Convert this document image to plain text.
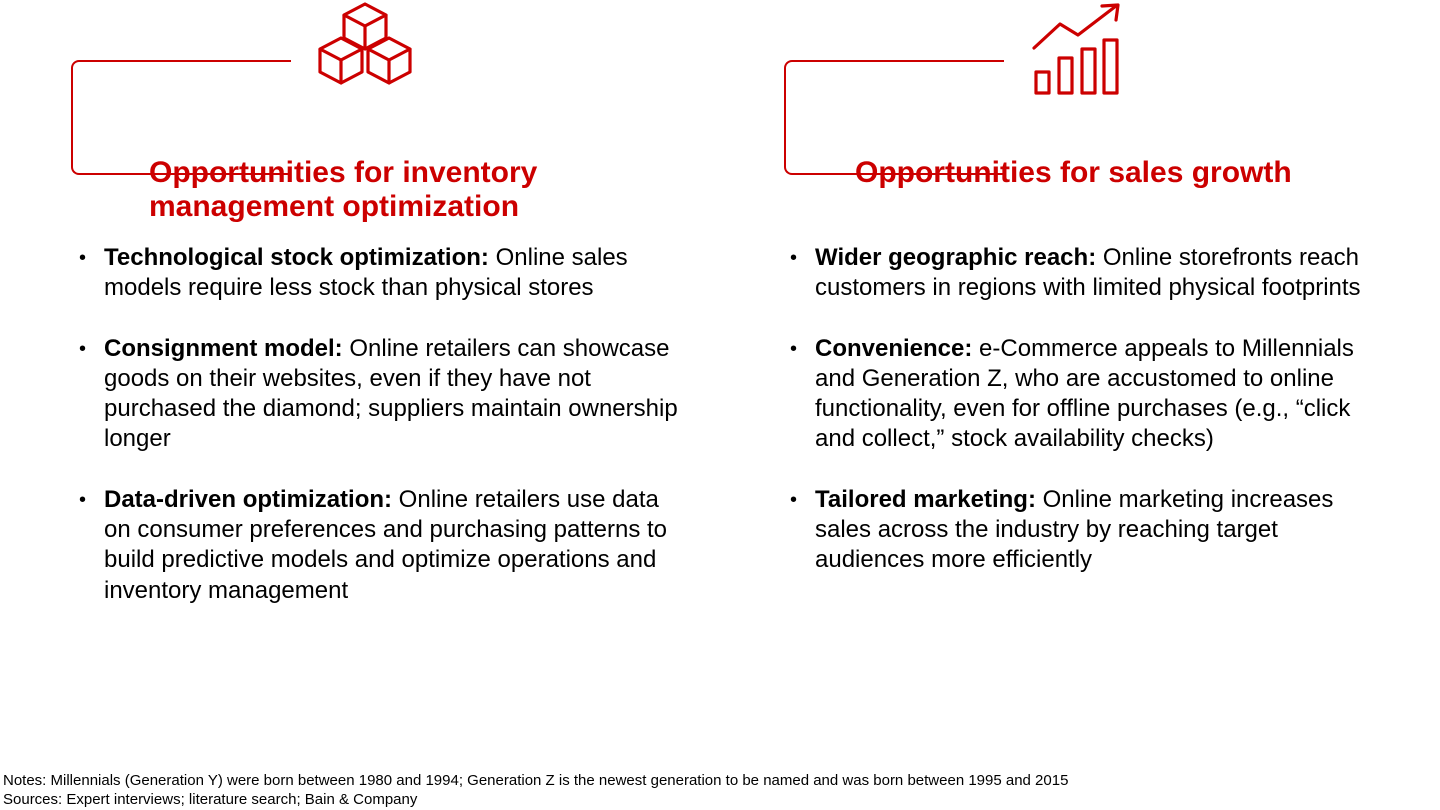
Opportunities for inventory
management optimization
• Technological stock optimization: Online sales models require less stock than physical stores
• Consignment model: Online retailers can showcase goods on their websites, even if they have not purchased the diamond; suppliers maintain ownership longer
• Data-driven optimization: Online retailers use data on consumer preferences and purchasing patterns to build predictive models and optimize operations and inventory management
Opportunities for sales growth
• Wider geographic reach: Online storefronts reach customers in regions with limited physical footprints
• Convenience: e-Commerce appeals to Millennials and Generation Z, who are accustomed to online functionality, even for offline purchases (e.g., “click and collect,” stock availability checks)
• Tailored marketing: Online marketing increases sales across the industry by reaching target audiences more efficiently
Notes: Millennials (Generation Y) were born between 1980 and 1994; Generation Z is the newest generation to be named and was born between 1995 and 2015
Sources: Expert interviews; literature search; Bain & Company
